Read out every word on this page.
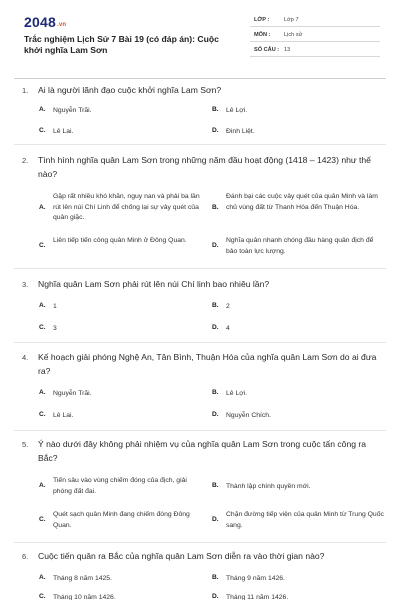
2048.vn
Trắc nghiệm Lịch Sử 7 Bài 19 (có đáp án): Cuộc khởi nghĩa Lam Sơn
LỚP :	Lớp 7
MÔN : Lịch sử
SỐ CÂU : 13
1. Ai là người lãnh đạo cuộc khởi nghĩa Lam Sơn?
A. Nguyễn Trãi.	B. Lê Lợi.
C. Lê Lai.	D. Đinh Liệt.
2. Tình hình nghĩa quân Lam Sơn trong những năm đầu hoạt động (1418 – 1423) như thế nào?
A.
Gặp rất nhiều khó khăn, nguy nan và phải ba lần rút lên núi Chí Linh để chống lại sự vây quét của quân giặc.
B.
Đánh bại các cuộc vây quét của quân Minh và làm chủ vùng đất từ Thanh Hóa đến Thuận Hóa.
C.
Liên tiếp tiến công quân Minh ở Đông Quan.
D.
Nghĩa quân nhanh chóng đầu hàng quân địch để bảo toàn lực lượng.
3. Nghĩa quân Lam Sơn phải rút lên núi Chí linh bao nhiêu lần?
A. 1	B. 2
C. 3	D. 4
4. Kế hoạch giải phóng Nghệ An, Tân Bình, Thuận Hóa của nghĩa quân Lam Sơn do ai đưa ra?
A. Nguyễn Trãi.	B. Lê Lợi.
C. Lê Lai.	D. Nguyễn Chích.
5. Ý nào dưới đây không phải nhiệm vụ của nghĩa quân Lam Sơn trong cuộc tấn công ra Bắc?
A.
Tiến sâu vào vùng chiếm đóng của địch, giải phóng đất đai.
B. Thành lập chính quyền mới.
C.
Quét sạch quân Minh đang chiếm đóng Đông Quan.
D.
Chặn đường tiếp viện của quân Minh từ Trung Quốc sang.
6. Cuộc tiến quân ra Bắc của nghĩa quân Lam Sơn diễn ra vào thời gian nào?
A. Tháng 8 năm 1425.	B. Tháng 9 năm 1426.
C. Tháng 10 năm 1426.	D. Tháng 11 năm 1426.
